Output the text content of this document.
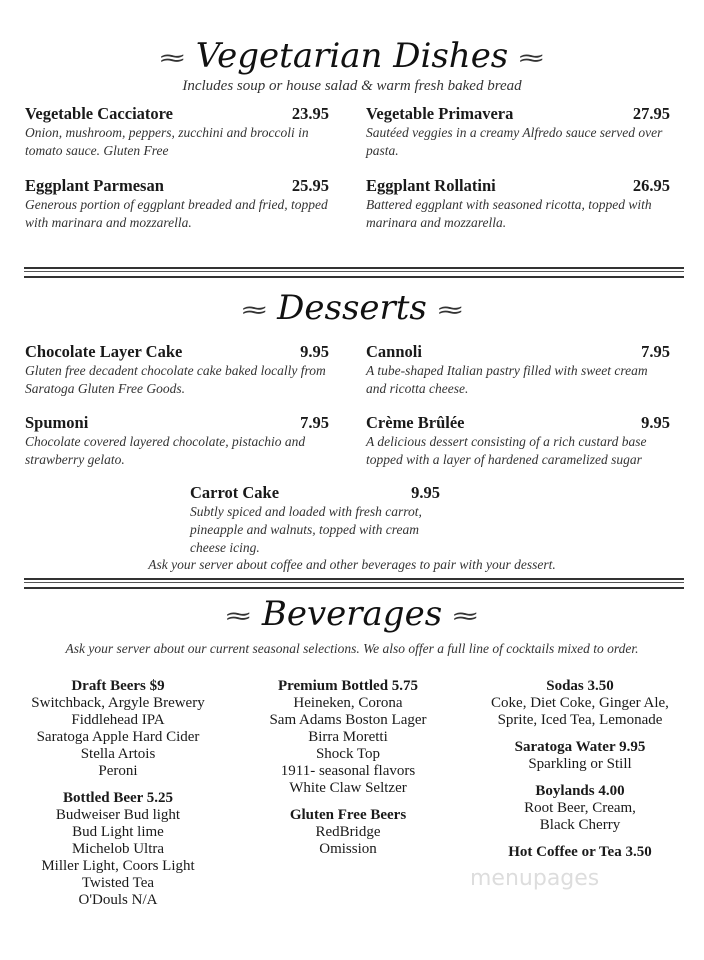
≈ Vegetarian Dishes ≈
Includes soup or house salad & warm fresh baked bread
≈ Desserts ≈
Ask your server about coffee and other beverages to pair with your dessert.
≈ Beverages ≈
Ask your server about our current seasonal selections. We also offer a full line of cocktails mixed to order.
menupages
Vegetable Cacciatore	23.95
Onion, mushroom, peppers, zucchini and broccoli in tomato sauce. Gluten Free
Vegetable Primavera	27.95
Sautéed veggies in a creamy Alfredo sauce served over pasta.
Eggplant Parmesan	25.95
Generous portion of eggplant breaded and fried, topped with marinara and mozzarella.
Eggplant Rollatini	26.95
Battered eggplant with seasoned ricotta, topped with marinara and mozzarella.
Chocolate Layer Cake	9.95
Gluten free decadent chocolate cake baked locally from Saratoga Gluten Free Goods.
Cannoli	7.95
A tube-shaped Italian pastry filled with sweet cream and ricotta cheese.
Spumoni	7.95
Chocolate covered layered chocolate, pistachio and strawberry gelato.
Crème Brûlée	9.95
A delicious dessert consisting of a rich custard base topped with a layer of hardened caramelized sugar
Carrot Cake	9.95
Subtly spiced and loaded with fresh carrot, pineapple and walnuts, topped with cream cheese icing.
Draft Beers $9
Switchback, Argyle Brewery
Fiddlehead IPA
Saratoga Apple Hard Cider
Stella Artois
Peroni
Bottled Beer 5.25
Budweiser Bud light
Bud Light lime
Michelob Ultra
Miller Light, Coors Light
Twisted Tea
O'Douls N/A
Premium Bottled 5.75
Heineken, Corona
Sam Adams Boston Lager
Birra Moretti
Shock Top
1911- seasonal flavors
White Claw Seltzer
Gluten Free Beers
RedBridge
Omission
Sodas 3.50
Coke, Diet Coke, Ginger Ale,
Sprite, Iced Tea, Lemonade
Saratoga Water 9.95
Sparkling or Still
Boylands 4.00
Root Beer, Cream,
Black Cherry
Hot Coffee or Tea 3.50
